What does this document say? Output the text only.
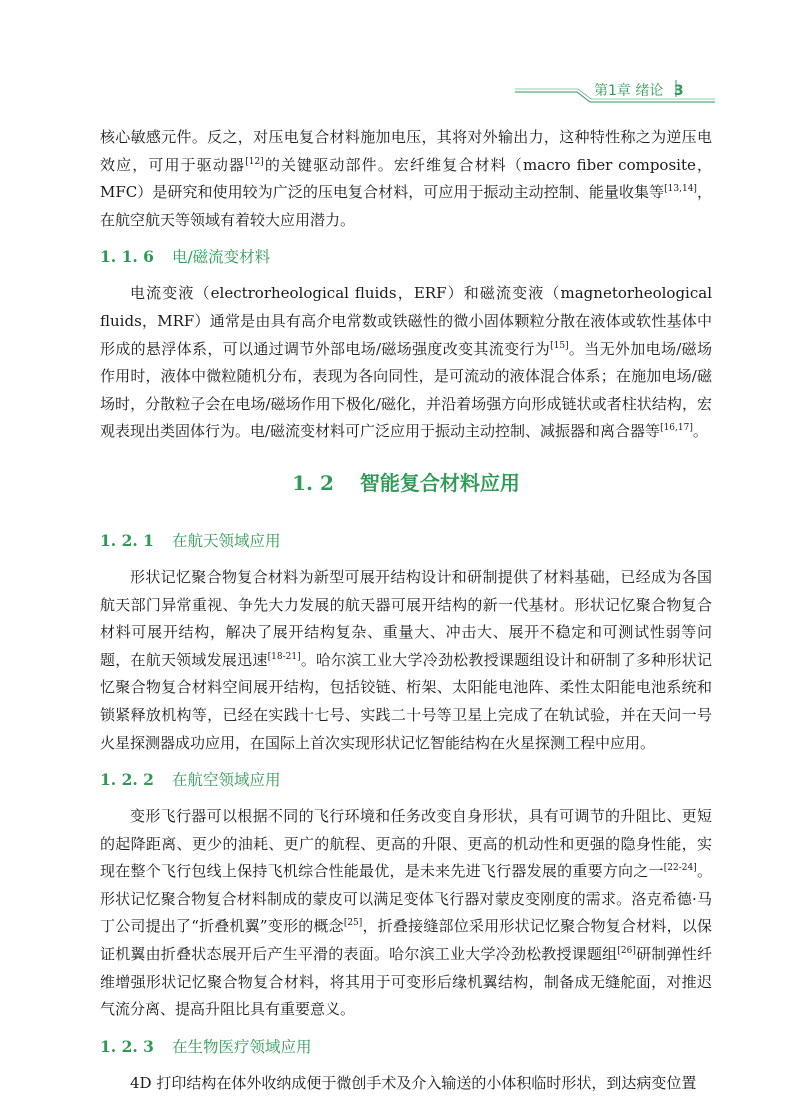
第1章 绪论 3

核心敏感元件。反之，对压电复合材料施加电压，其将对外输出力，这种特性称之为逆压电效应，可用于驱动器[12]的关键驱动部件。宏纤维复合材料（macro fiber composite，MFC）是研究和使用较为广泛的压电复合材料，可应用于振动主动控制、能量收集等[13,14]，在航空航天等领域有着较大应用潜力。

1. 1. 6 电/磁流变材料

电流变液（electrorheological fluids，ERF）和磁流变液（magnetorheological fluids，MRF）通常是由具有高介电常数或铁磁性的微小固体颗粒分散在液体或软性基体中形成的悬浮体系，可以通过调节外部电场/磁场强度改变其流变行为[15]。当无外加电场/磁场作用时，液体中微粒随机分布，表现为各向同性，是可流动的液体混合体系；在施加电场/磁场时，分散粒子会在电场/磁场作用下极化/磁化，并沿着场强方向形成链状或者柱状结构，宏观表现出类固体行为。电/磁流变材料可广泛应用于振动主动控制、减振器和离合器等[16,17]。

1. 2 智能复合材料应用
1. 2. 1 在航天领域应用

形状记忆聚合物复合材料为新型可展开结构设计和研制提供了材料基础，已经成为各国航天部门异常重视、争先大力发展的航天器可展开结构的新一代基材。形状记忆聚合物复合材料可展开结构，解决了展开结构复杂、重量大、冲击大、展开不稳定和可测试性弱等问题，在航天领域发展迅速[18-21]。哈尔滨工业大学冷劲松教授课题组设计和研制了多种形状记忆聚合物复合材料空间展开结构，包括铰链、桁架、太阳能电池阵、柔性太阳能电池系统和锁紧释放机构等，已经在实践十七号、实践二十号等卫星上完成了在轨试验，并在天问一号火星探测器成功应用，在国际上首次实现形状记忆智能结构在火星探测工程中应用。

1. 2. 2 在航空领域应用

变形飞行器可以根据不同的飞行环境和任务改变自身形状，具有可调节的升阻比、更短的起降距离、更少的油耗、更广的航程、更高的升限、更高的机动性和更强的隐身性能，实现在整个飞行包线上保持飞机综合性能最优，是未来先进飞行器发展的重要方向之一[22-24]。形状记忆聚合物复合材料制成的蒙皮可以满足变体飞行器对蒙皮变刚度的需求。洛克希德·马丁公司提出了“折叠机翼”变形的概念[25]，折叠接缝部位采用形状记忆聚合物复合材料，以保证机翼由折叠状态展开后产生平滑的表面。哈尔滨工业大学冷劲松教授课题组[26]研制弹性纤维增强形状记忆聚合物复合材料，将其用于可变形后缘机翼结构，制备成无缝舵面，对推迟气流分离、提高升阻比具有重要意义。

1. 2. 3 在生物医疗领域应用

4D 打印结构在体外收纳成便于微创手术及介入输送的小体积临时形状，到达病变位置
